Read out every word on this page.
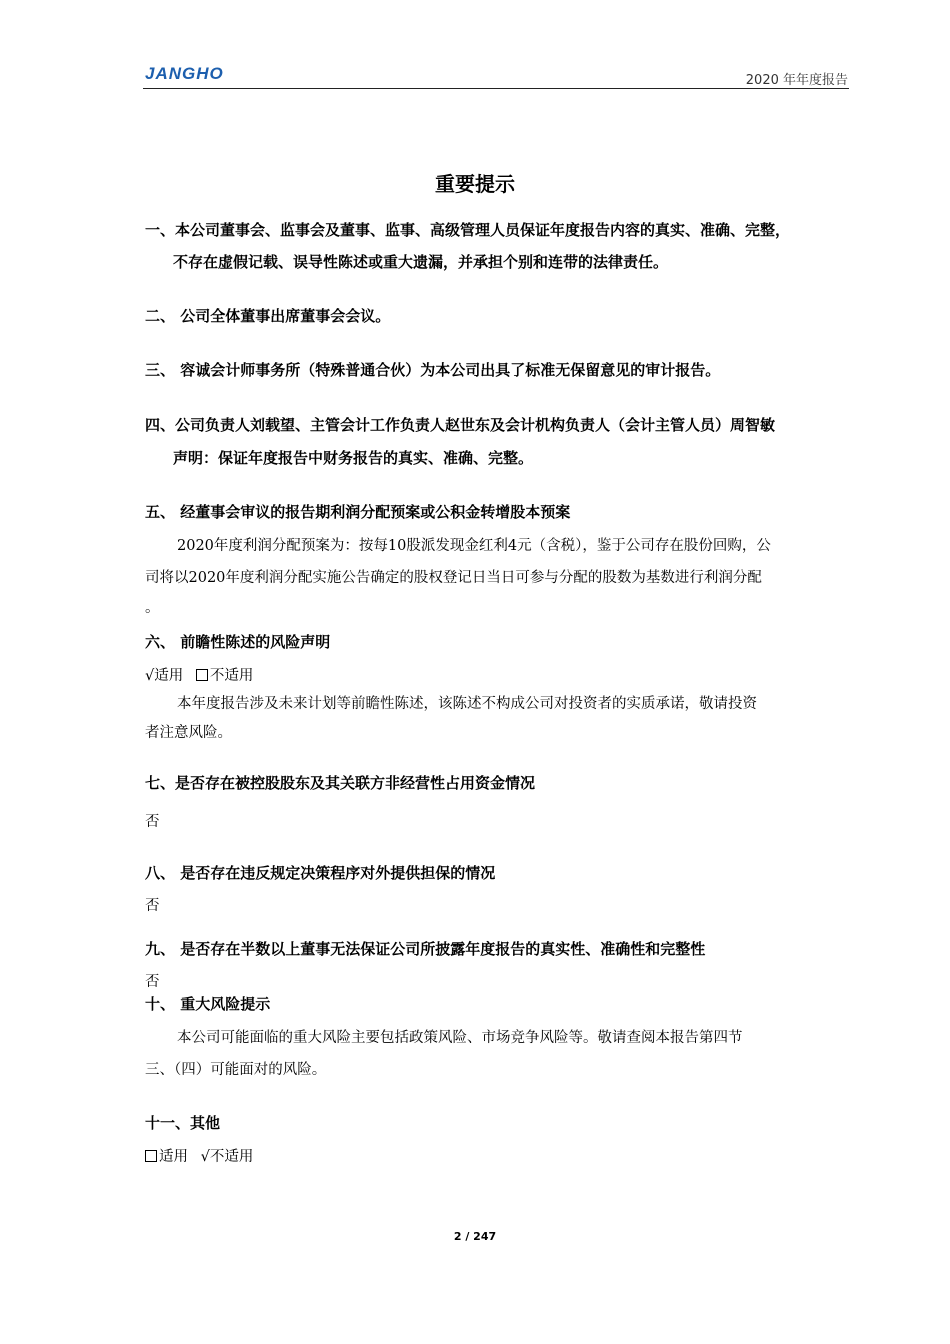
JANGHO	2020 年年度报告
重要提示
一、本公司董事会、监事会及董事、监事、高级管理人员保证年度报告内容的真实、准确、完整，
不存在虚假记载、误导性陈述或重大遗漏，并承担个别和连带的法律责任。
二、 公司全体董事出席董事会会议。
三、 容诚会计师事务所（特殊普通合伙）为本公司出具了标准无保留意见的审计报告。
四、公司负责人刘载望、主管会计工作负责人赵世东及会计机构负责人（会计主管人员）周智敏
声明：保证年度报告中财务报告的真实、准确、完整。
五、 经董事会审议的报告期利润分配预案或公积金转增股本预案
2020年度利润分配预案为：按每10股派发现金红利4元（含税），鉴于公司存在股份回购，公
司将以2020年度利润分配实施公告确定的股权登记日当日可参与分配的股数为基数进行利润分配
。
六、 前瞻性陈述的风险声明
√适用 不适用
本年度报告涉及未来计划等前瞻性陈述，该陈述不构成公司对投资者的实质承诺，敬请投资
者注意风险。
七、是否存在被控股股东及其关联方非经营性占用资金情况
否
八、 是否存在违反规定决策程序对外提供担保的情况
否
九、 是否存在半数以上董事无法保证公司所披露年度报告的真实性、准确性和完整性
否
十、 重大风险提示
本公司可能面临的重大风险主要包括政策风险、市场竞争风险等。敬请查阅本报告第四节
三、（四）可能面对的风险。
十一、其他
适用 √不适用
2 / 247
